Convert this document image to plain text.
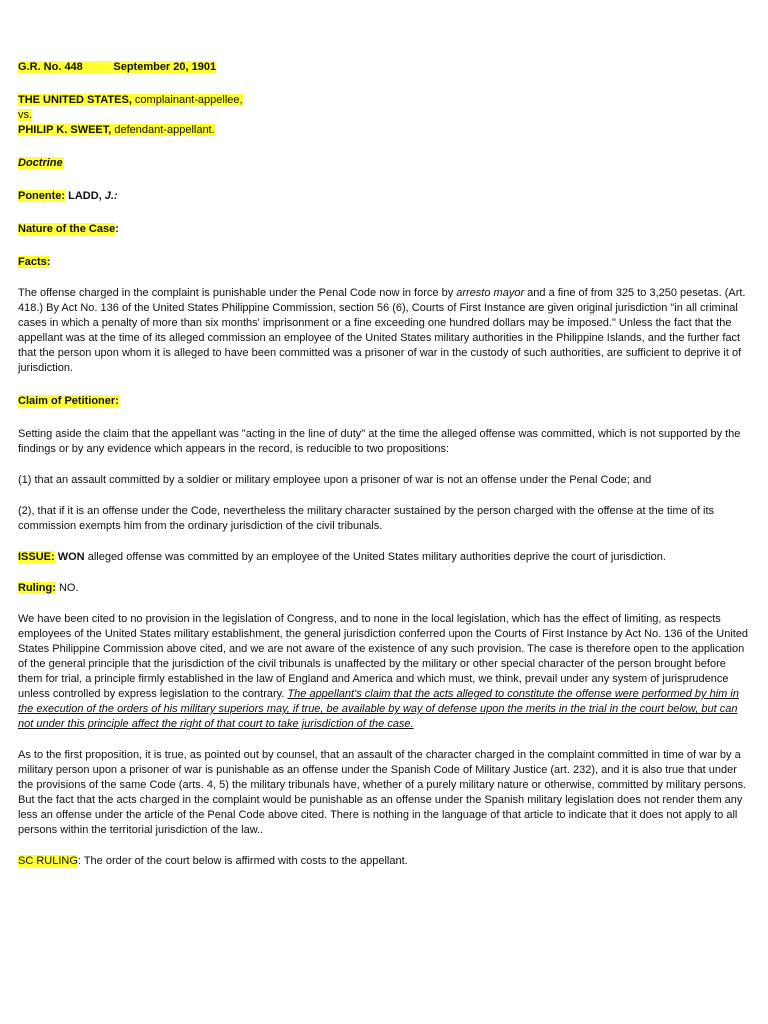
G.R. No. 448	September 20, 1901

THE UNITED STATES, complainant-appellee,

vs.

PHILIP K. SWEET, defendant-appellant.

Doctrine

Ponente: LADD, J.:

Nature of the Case:

Facts:

The offense charged in the complaint is punishable under the Penal Code now in force by arresto mayor and a fine of from 325 to 3,250 pesetas. (Art. 418.) By Act No. 136 of the United States Philippine Commission, section 56 (6), Courts of First Instance are given original jurisdiction "in all criminal cases in which a penalty of more than six months' imprisonment or a fine exceeding one hundred dollars may be imposed." Unless the fact that the appellant was at the time of its alleged commission an employee of the United States military authorities in the Philippine Islands, and the further fact that the person upon whom it is alleged to have been committed was a prisoner of war in the custody of such authorities, are sufficient to deprive it of jurisdiction.

Claim of Petitioner:

Setting aside the claim that the appellant was "acting in the line of duty" at the time the alleged offense was committed, which is not supported by the findings or by any evidence which appears in the record, is reducible to two propositions:

(1) that an assault committed by a soldier or military employee upon a prisoner of war is not an offense under the Penal Code; and

(2), that if it is an offense under the Code, nevertheless the military character sustained by the person charged with the offense at the time of its commission exempts him from the ordinary jurisdiction of the civil tribunals.

ISSUE: WON alleged offense was committed by an employee of the United States military authorities deprive the court of jurisdiction.

Ruling: NO.

We have been cited to no provision in the legislation of Congress, and to none in the local legislation, which has the effect of limiting, as respects employees of the United States military establishment, the general jurisdiction conferred upon the Courts of First Instance by Act No. 136 of the United States Philippine Commission above cited, and we are not aware of the existence of any such provision. The case is therefore open to the application of the general principle that the jurisdiction of the civil tribunals is unaffected by the military or other special character of the person brought before them for trial, a principle firmly established in the law of England and America and which must, we think, prevail under any system of jurisprudence unless controlled by express legislation to the contrary. The appellant's claim that the acts alleged to constitute the offense were performed by him in the execution of the orders of his military superiors may, if true, be available by way of defense upon the merits in the trial in the court below, but can not under this principle affect the right of that court to take jurisdiction of the case.

As to the first proposition, it is true, as pointed out by counsel, that an assault of the character charged in the complaint committed in time of war by a military person upon a prisoner of war is punishable as an offense under the Spanish Code of Military Justice (art. 232), and it is also true that under the provisions of the same Code (arts. 4, 5) the military tribunals have, whether of a purely military nature or otherwise, committed by military persons. But the fact that the acts charged in the complaint would be punishable as an offense under the Spanish military legislation does not render them any less an offense under the article of the Penal Code above cited. There is nothing in the language of that article to indicate that it does not apply to all persons within the territorial jurisdiction of the law..

SC RULING: The order of the court below is affirmed with costs to the appellant.
